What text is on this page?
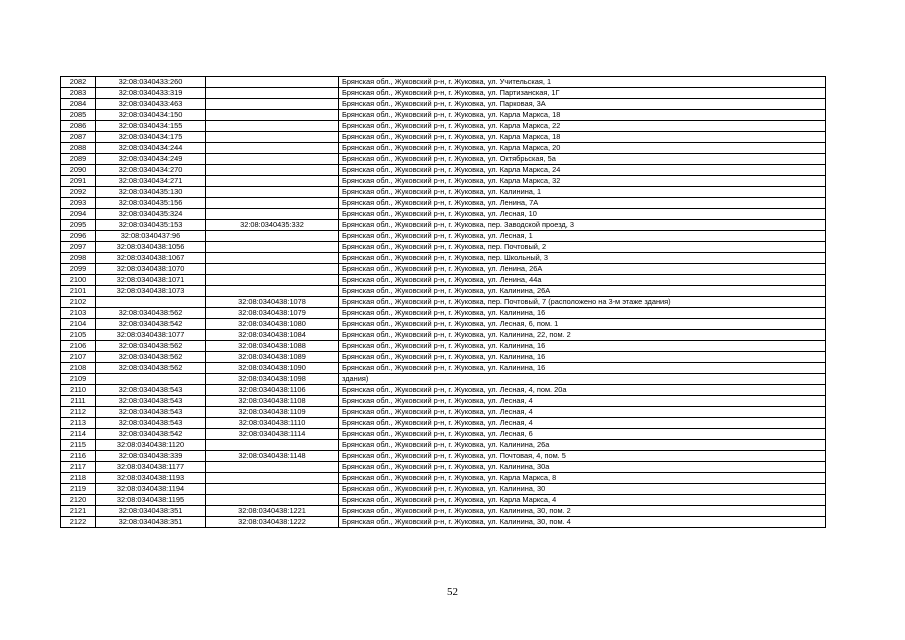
2082	32:08:0340433:260		Брянская обл., Жуковский р-н, г. Жуковка, ул. Учительская, 1
2083	32:08:0340433:319		Брянская обл., Жуковский р-н, г. Жуковка, ул. Партизанская, 1Г
2084	32:08:0340433:463		Брянская обл., Жуковский р-н, г. Жуковка, ул. Парковая, 3А
2085	32:08:0340434:150		Брянская обл., Жуковский р-н, г. Жуковка, ул. Карла Маркса, 18
2086	32:08:0340434:155		Брянская обл., Жуковский р-н, г. Жуковка, ул. Карла Маркса, 22
2087	32:08:0340434:175		Брянская обл., Жуковский р-н, г. Жуковка, ул. Карла Маркса, 18
2088	32:08:0340434:244		Брянская обл., Жуковский р-н, г. Жуковка, ул. Карла Маркса, 20
2089	32:08:0340434:249		Брянская обл., Жуковский р-н, г. Жуковка, ул. Октябрьская, 5а
2090	32:08:0340434:270		Брянская обл., Жуковский р-н, г. Жуковка, ул. Карла Маркса, 24
2091	32:08:0340434:271		Брянская обл., Жуковский р-н, г. Жуковка, ул. Карла Маркса, 32
2092	32:08:0340435:130		Брянская обл., Жуковский р-н, г. Жуковка, ул. Калинина, 1
2093	32:08:0340435:156		Брянская обл., Жуковский р-н, г. Жуковка, ул. Ленина, 7А
2094	32:08:0340435:324		Брянская обл., Жуковский р-н, г. Жуковка, ул. Лесная, 10
2095	32:08:0340435:153	32:08:0340435:332	Брянская обл., Жуковский р-н, г. Жуковка, пер. Заводской проезд, 3
2096	32:08:0340437:96		Брянская обл., Жуковский р-н, г. Жуковка, ул. Лесная, 1
2097	32:08:0340438:1056		Брянская обл., Жуковский р-н, г. Жуковка, пер. Почтовый, 2
2098	32:08:0340438:1067		Брянская обл., Жуковский р-н, г. Жуковка, пер. Школьный, 3
2099	32:08:0340438:1070		Брянская обл., Жуковский р-н, г. Жуковка, ул. Ленина, 26А
2100	32:08:0340438:1071		Брянская обл., Жуковский р-н, г. Жуковка, ул. Ленина, 44а
2101	32:08:0340438:1073		Брянская обл., Жуковский р-н, г. Жуковка, ул. Калинина, 26А
2102		32:08:0340438:1078	Брянская обл., Жуковский р-н, г. Жуковка, пер. Почтовый, 7 (расположено на 3-м этаже здания)
2103	32:08:0340438:562	32:08:0340438:1079	Брянская обл., Жуковский р-н, г. Жуковка, ул. Калинина, 16
2104	32:08:0340438:542	32:08:0340438:1080	Брянская обл., Жуковский р-н, г. Жуковка, ул. Лесная, 6, пом. 1
2105	32:08:0340438:1077	32:08:0340438:1084	Брянская обл., Жуковский р-н, г. Жуковка, ул. Калинина, 22, пом. 2
2106	32:08:0340438:562	32:08:0340438:1088	Брянская обл., Жуковский р-н, г. Жуковка, ул. Калинина, 16
2107	32:08:0340438:562	32:08:0340438:1089	Брянская обл., Жуковский р-н, г. Жуковка, ул. Калинина, 16
2108	32:08:0340438:562	32:08:0340438:1090	Брянская обл., Жуковский р-н, г. Жуковка, ул. Калинина, 16
2109		32:08:0340438:1098	здания)
2110	32:08:0340438:543	32:08:0340438:1106	Брянская обл., Жуковский р-н, г. Жуковка, ул. Лесная, 4, пом. 20а
2111	32:08:0340438:543	32:08:0340438:1108	Брянская обл., Жуковский р-н, г. Жуковка, ул. Лесная, 4
2112	32:08:0340438:543	32:08:0340438:1109	Брянская обл., Жуковский р-н, г. Жуковка, ул. Лесная, 4
2113	32:08:0340438:543	32:08:0340438:1110	Брянская обл., Жуковский р-н, г. Жуковка, ул. Лесная, 4
2114	32:08:0340438:542	32:08:0340438:1114	Брянская обл., Жуковский р-н, г. Жуковка, ул. Лесная, 6
2115	32:08:0340438:1120		Брянская обл., Жуковский р-н, г. Жуковка, ул. Калинина, 26а
2116	32:08:0340438:339	32:08:0340438:1148	Брянская обл., Жуковский р-н, г. Жуковка, ул. Почтовая, 4, пом. 5
2117	32:08:0340438:1177		Брянская обл., Жуковский р-н, г. Жуковка, ул. Калинина, 30а
2118	32:08:0340438:1193		Брянская обл., Жуковский р-н, г. Жуковка, ул. Карла Маркса, 8
2119	32:08:0340438:1194		Брянская обл., Жуковский р-н, г. Жуковка, ул. Калинина, 30
2120	32:08:0340438:1195		Брянская обл., Жуковский р-н, г. Жуковка, ул. Карла Маркса, 4
2121	32:08:0340438:351	32:08:0340438:1221	Брянская обл., Жуковский р-н, г. Жуковка, ул. Калинина, 30, пом. 2
2122	32:08:0340438:351	32:08:0340438:1222	Брянская обл., Жуковский р-н, г. Жуковка, ул. Калинина, 30, пом. 4
52
